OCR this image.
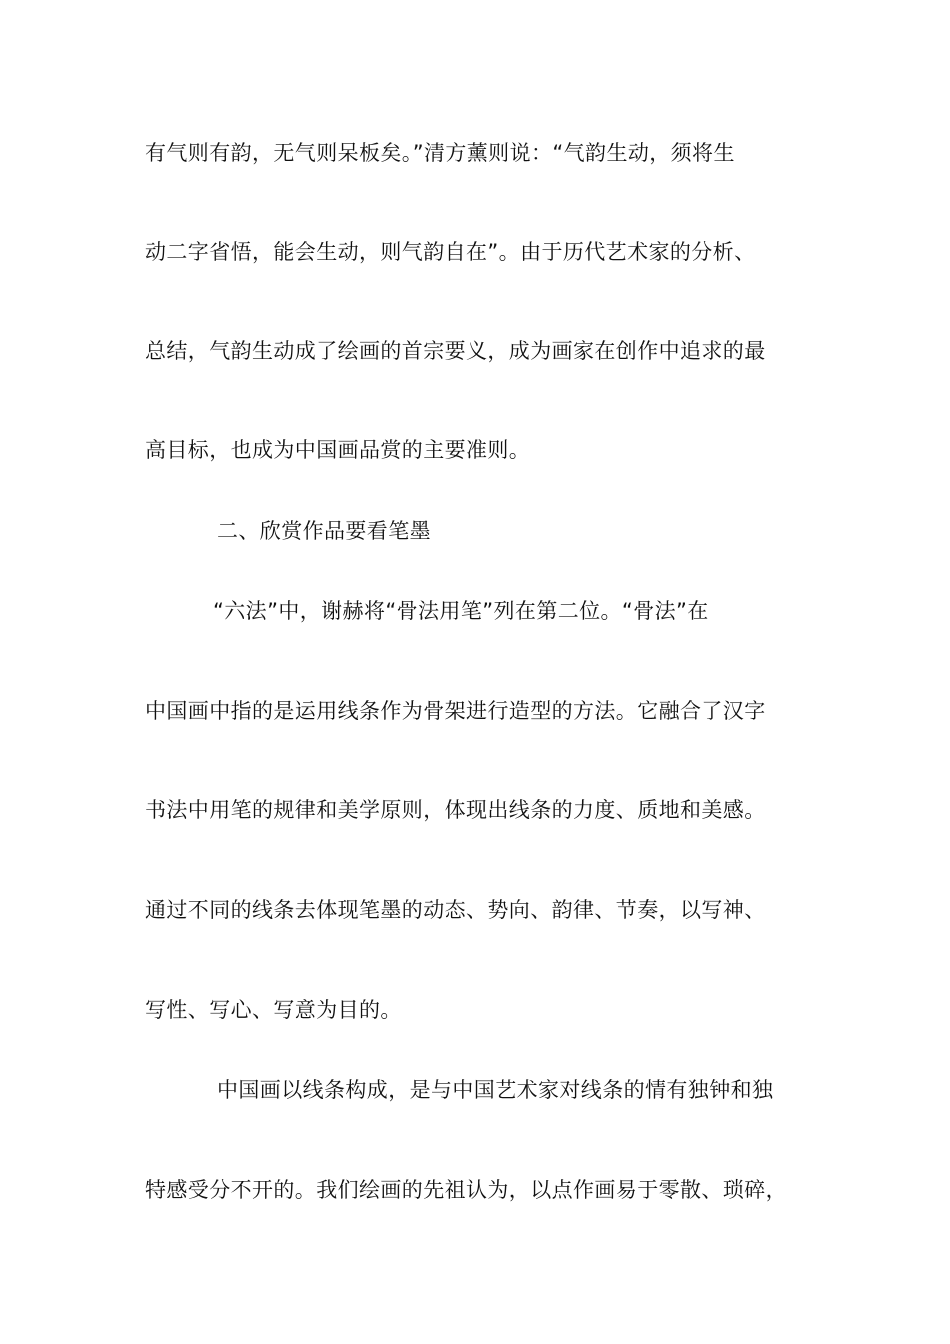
有气则有韵，无气则呆板矣。”清方薰则说：“气韵生动，须将生
动二字省悟，能会生动，则气韵自在”。由于历代艺术家的分析、
总结，气韵生动成了绘画的首宗要义，成为画家在创作中追求的最
高目标，也成为中国画品赏的主要准则。
二、欣赏作品要看笔墨
“六法”中，谢赫将“骨法用笔”列在第二位。“骨法”在
中国画中指的是运用线条作为骨架进行造型的方法。它融合了汉字
书法中用笔的规律和美学原则，体现出线条的力度、质地和美感。
通过不同的线条去体现笔墨的动态、势向、韵律、节奏，以写神、
写性、写心、写意为目的。
中国画以线条构成，是与中国艺术家对线条的情有独钟和独
特感受分不开的。我们绘画的先祖认为，以点作画易于零散、琐碎，
